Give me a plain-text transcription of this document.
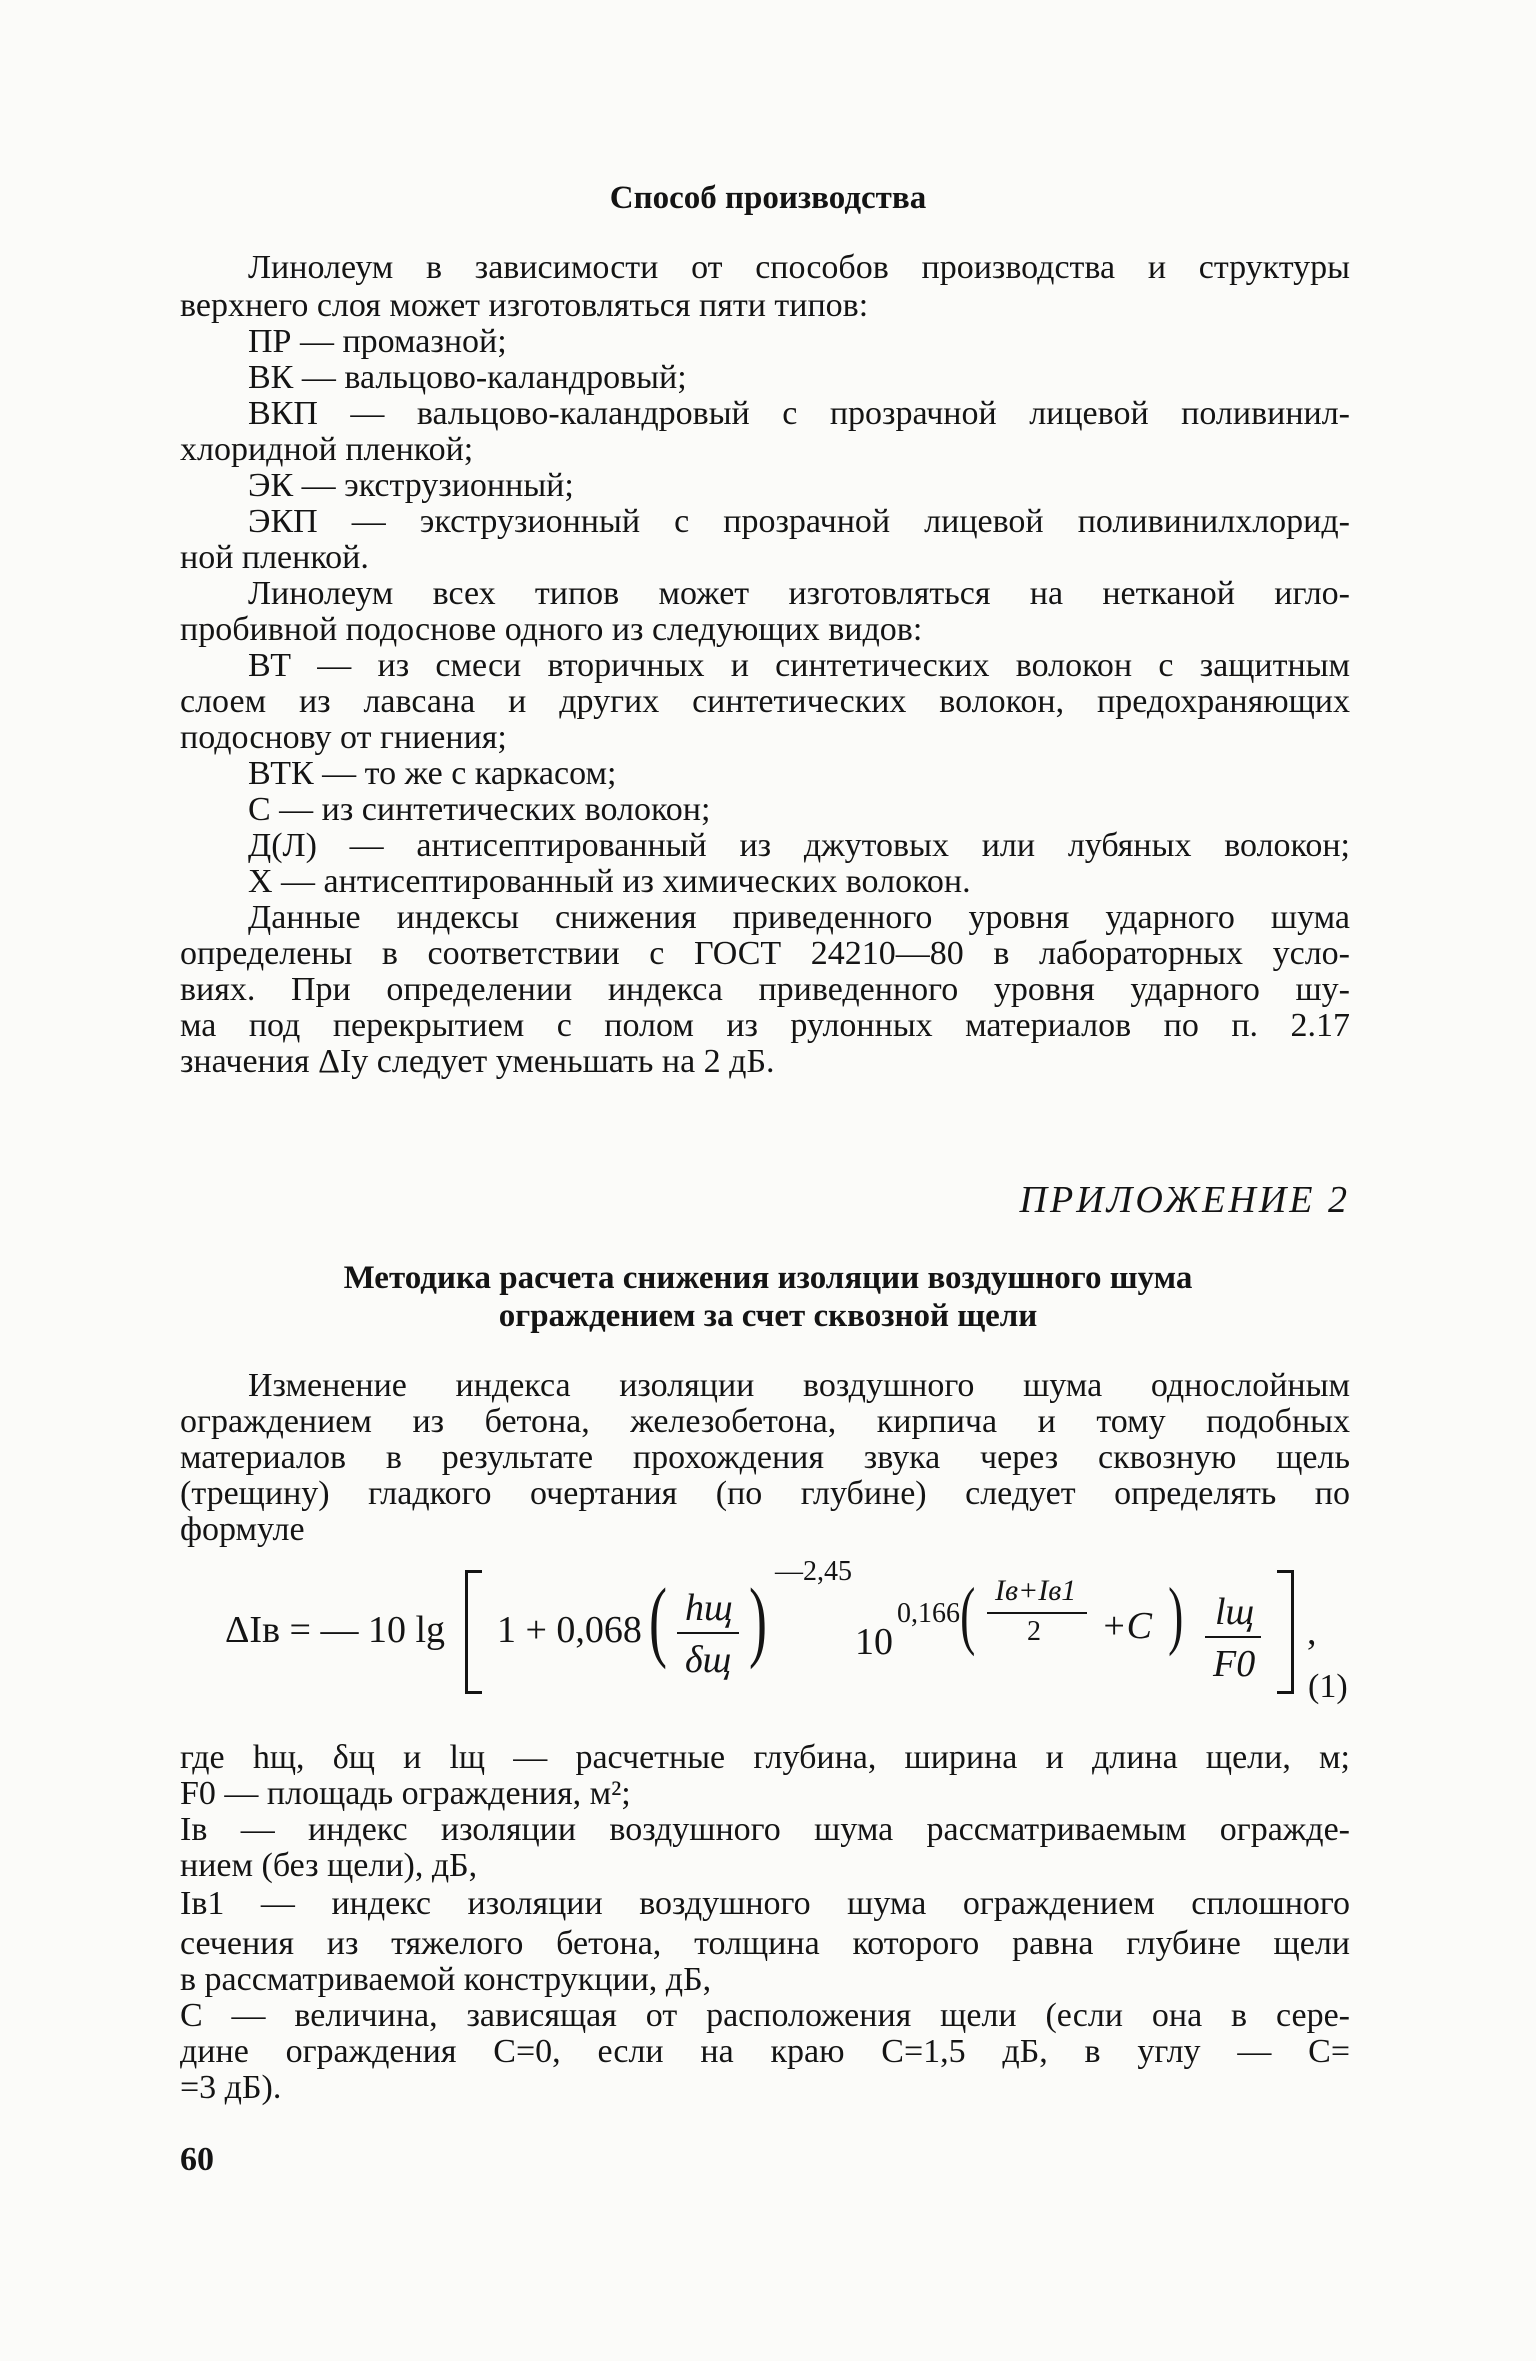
Способ производства
Линолеум в зависимости от способов производства и структуры
верхнего слоя может изготовляться пяти типов:
ПР — промазной;
ВК — вальцово-каландровый;
ВКП — вальцово-каландровый с прозрачной лицевой поливинил-
хлоридной пленкой;
ЭК — экструзионный;
ЭКП — экструзионный с прозрачной лицевой поливинилхлорид-
ной пленкой.
Линолеум всех типов может изготовляться на нетканой игло-
пробивной подоснове одного из следующих видов:
ВТ — из смеси вторичных и синтетических волокон с защитным
слоем из лавсана и других синтетических волокон, предохраняющих
подоснову от гниения;
ВТК — то же с каркасом;
С — из синтетических волокон;
Д(Л) — антисептированный из джутовых или лубяных волокон;
Х — антисептированный из химических волокон.
Данные индексы снижения приведенного уровня ударного шума
определены в соответствии с ГОСТ 24210—80 в лабораторных усло-
виях. При определении индекса приведенного уровня ударного шу-
ма под перекрытием с полом из рулонных материалов по п. 2.17
значения ΔIу следует уменьшать на 2 дБ.
ПРИЛОЖЕНИЕ 2
Методика расчета снижения изоляции воздушного шума
ограждением за счет сквозной щели
Изменение индекса изоляции воздушного шума однослойным
ограждением из бетона, железобетона, кирпича и тому подобных
материалов в результате прохождения звука через сквозную щель
(трещину) гладкого очертания (по глубине) следует определять по
формуле
ΔIв = — 10 lg 1 + 0,068 ( hщ
δщ ) —2,45
10
0,166 ( Iв+Iв1
2 +C ) lщ
F0
,
(1)
где hщ, δщ и lщ — расчетные глубина, ширина и длина щели, м;
F0 — площадь ограждения, м²;
Iв — индекс изоляции воздушного шума рассматриваемым огражде-
нием (без щели), дБ,
Iв1 — индекс изоляции воздушного шума ограждением сплошного
сечения из тяжелого бетона, толщина которого равна глубине щели
в рассматриваемой конструкции, дБ,
C — величина, зависящая от расположения щели (если она в сере-
дине ограждения C=0, если на краю C=1,5 дБ, в углу — C=
=3 дБ).
60
